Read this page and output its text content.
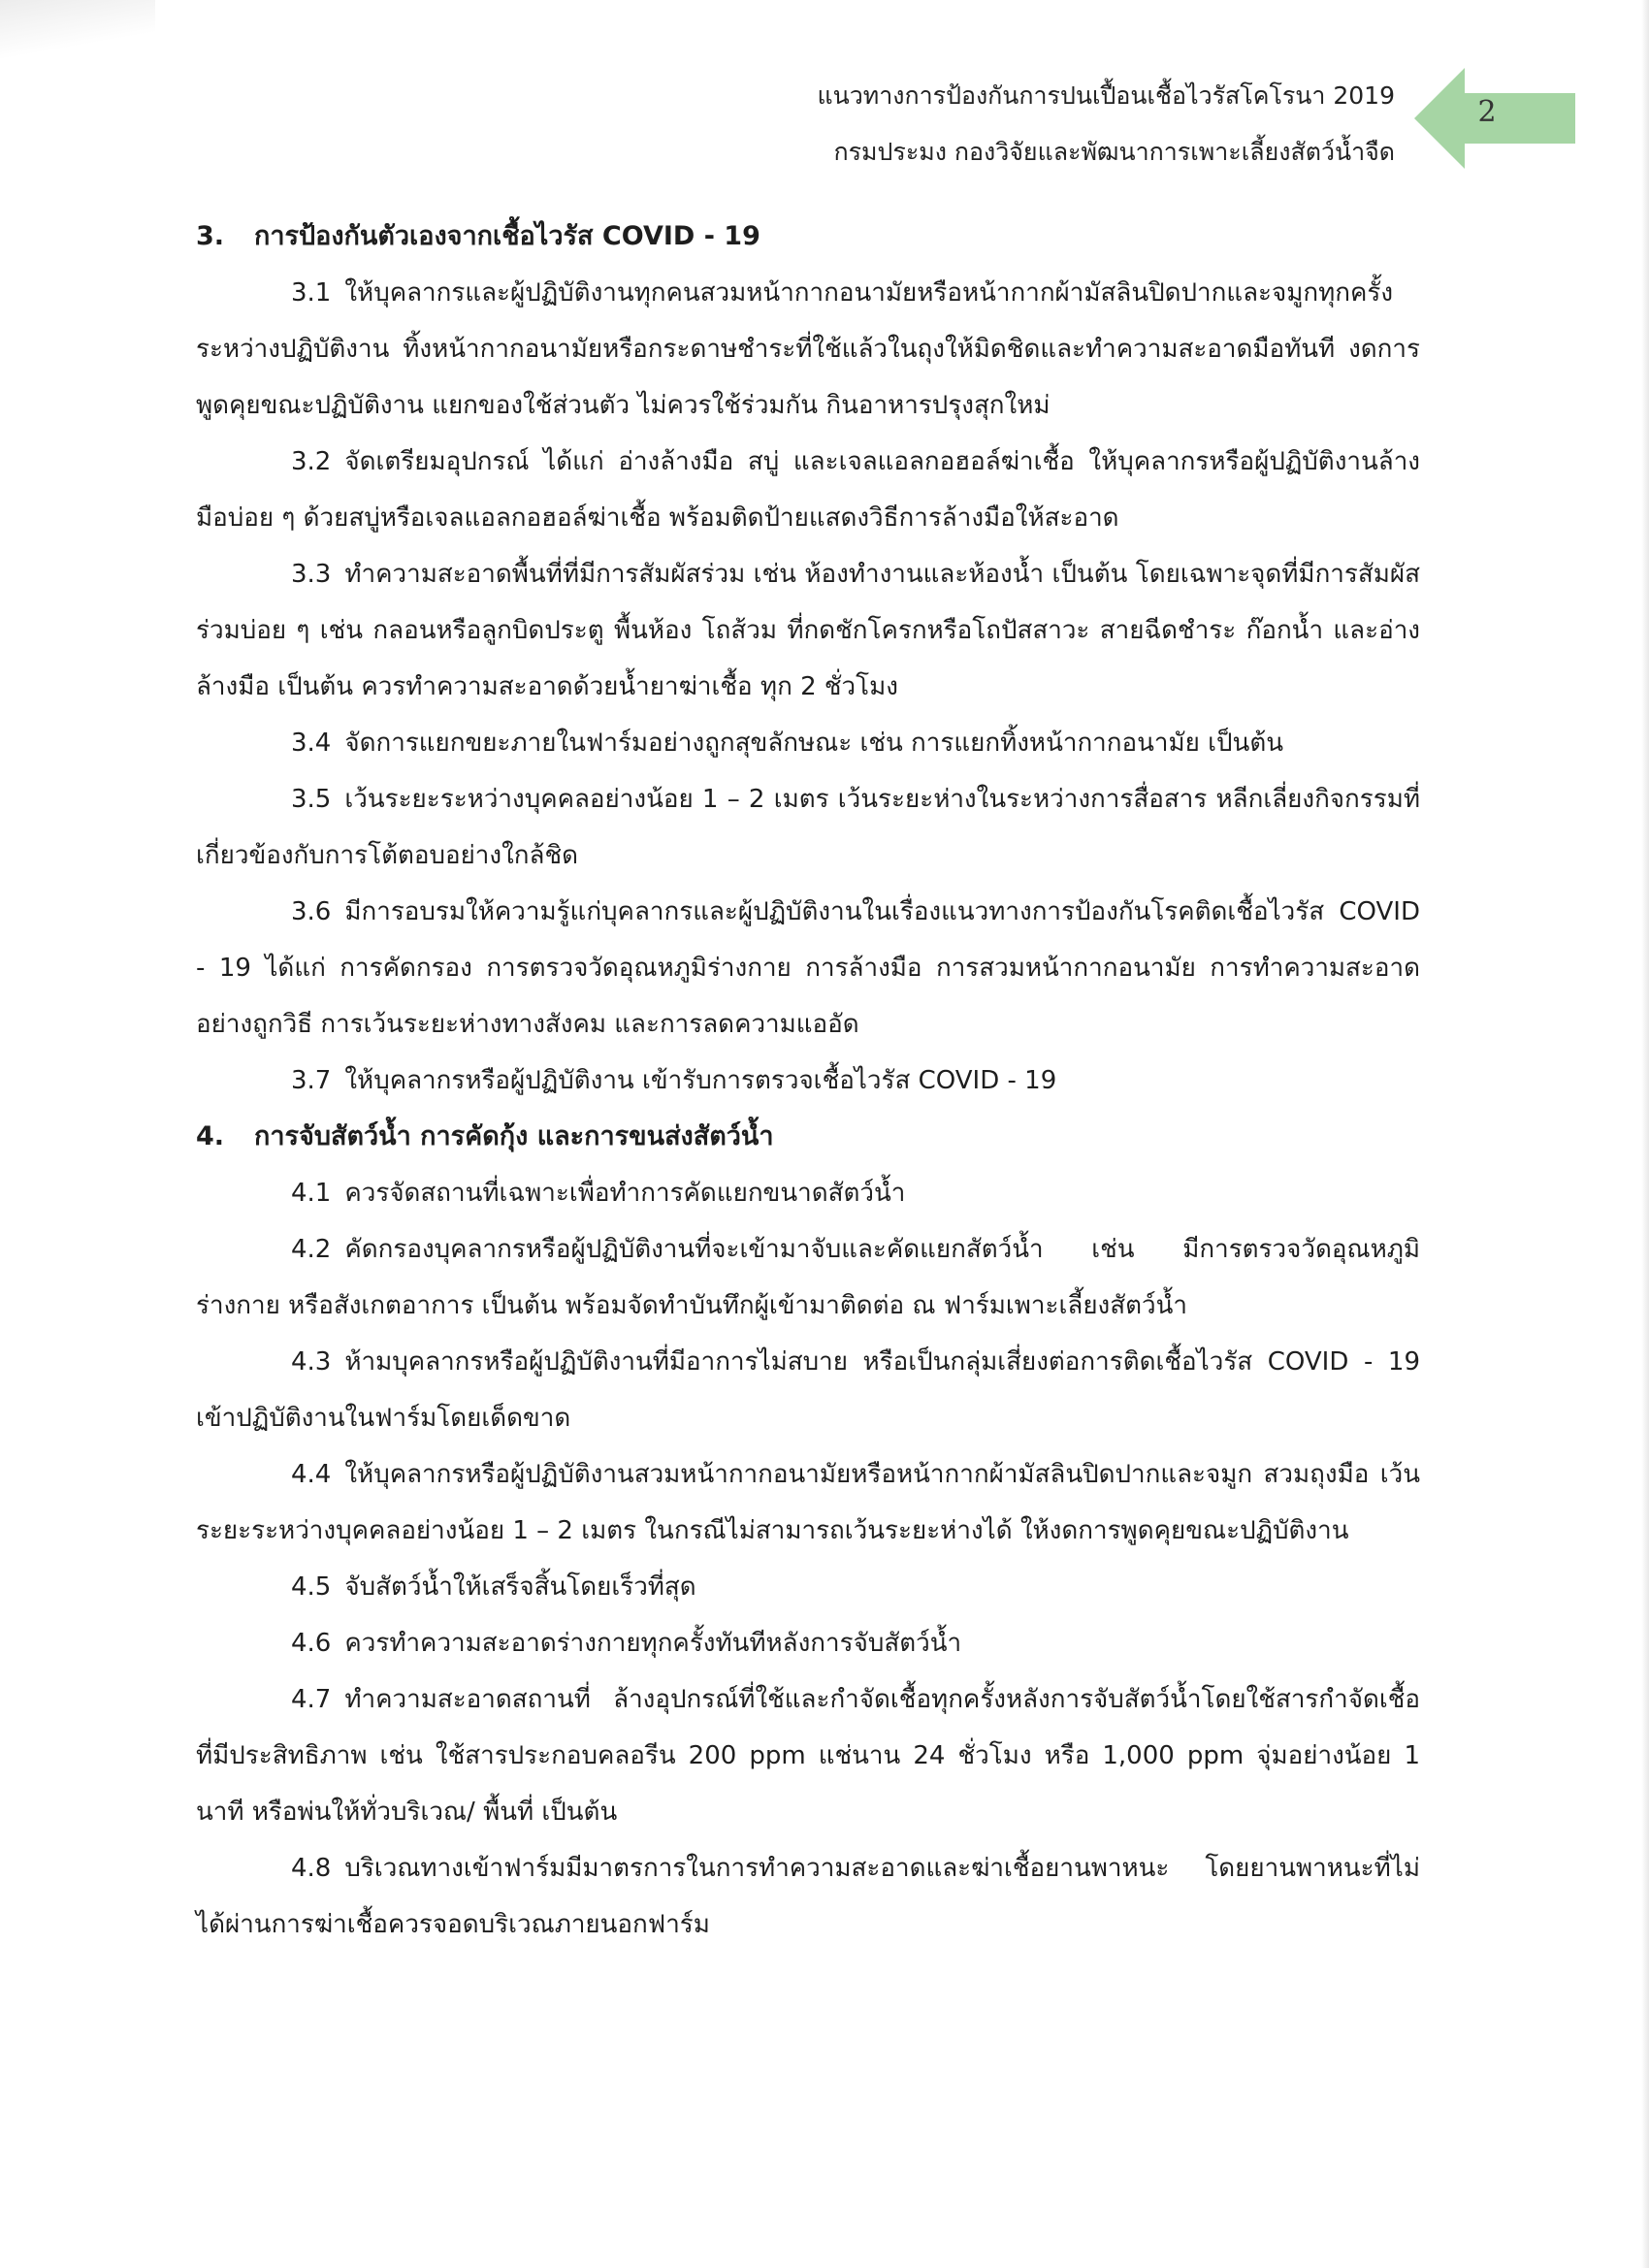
แนวทางการป้องกันการปนเปื้อนเชื้อไวรัสโคโรนา 2019
กรมประมง กองวิจัยและพัฒนาการเพาะเลี้ยงสัตว์น้ำจืด
2
3. การป้องกันตัวเองจากเชื้อไวรัส COVID - 19
3.1 ให้บุคลากรและผู้ปฏิบัติงานทุกคนสวมหน้ากากอนามัยหรือหน้ากากผ้ามัสลินปิดปากและจมูกทุกครั้งระหว่างปฏิบัติงาน ทิ้งหน้ากากอนามัยหรือกระดาษชำระที่ใช้แล้วในถุงให้มิดชิดและทำความสะอาดมือทันที งดการพูดคุยขณะปฏิบัติงาน แยกของใช้ส่วนตัว ไม่ควรใช้ร่วมกัน กินอาหารปรุงสุกใหม่
3.2 จัดเตรียมอุปกรณ์ ได้แก่ อ่างล้างมือ สบู่ และเจลแอลกอฮอล์ฆ่าเชื้อ ให้บุคลากรหรือผู้ปฏิบัติงานล้างมือบ่อย ๆ ด้วยสบู่หรือเจลแอลกอฮอล์ฆ่าเชื้อ พร้อมติดป้ายแสดงวิธีการล้างมือให้สะอาด
3.3 ทำความสะอาดพื้นที่ที่มีการสัมผัสร่วม เช่น ห้องทำงานและห้องน้ำ เป็นต้น โดยเฉพาะจุดที่มีการสัมผัสร่วมบ่อย ๆ เช่น กลอนหรือลูกบิดประตู พื้นห้อง โถส้วม ที่กดชักโครกหรือโถปัสสาวะ สายฉีดชำระ ก๊อกน้ำ และอ่างล้างมือ เป็นต้น ควรทำความสะอาดด้วยน้ำยาฆ่าเชื้อ ทุก 2 ชั่วโมง
3.4 จัดการแยกขยะภายในฟาร์มอย่างถูกสุขลักษณะ เช่น การแยกทิ้งหน้ากากอนามัย เป็นต้น
3.5 เว้นระยะระหว่างบุคคลอย่างน้อย 1 – 2 เมตร เว้นระยะห่างในระหว่างการสื่อสาร หลีกเลี่ยงกิจกรรมที่เกี่ยวข้องกับการโต้ตอบอย่างใกล้ชิด
3.6 มีการอบรมให้ความรู้แก่บุคลากรและผู้ปฏิบัติงานในเรื่องแนวทางการป้องกันโรคติดเชื้อไวรัส COVID - 19 ได้แก่ การคัดกรอง การตรวจวัดอุณหภูมิร่างกาย การล้างมือ การสวมหน้ากากอนามัย การทำความสะอาดอย่างถูกวิธี การเว้นระยะห่างทางสังคม และการลดความแออัด
3.7 ให้บุคลากรหรือผู้ปฏิบัติงาน เข้ารับการตรวจเชื้อไวรัส COVID - 19
4. การจับสัตว์น้ำ การคัดกุ้ง และการขนส่งสัตว์น้ำ
4.1 ควรจัดสถานที่เฉพาะเพื่อทำการคัดแยกขนาดสัตว์น้ำ
4.2 คัดกรองบุคลากรหรือผู้ปฏิบัติงานที่จะเข้ามาจับและคัดแยกสัตว์น้ำ เช่น มีการตรวจวัดอุณหภูมิร่างกาย หรือสังเกตอาการ เป็นต้น พร้อมจัดทำบันทึกผู้เข้ามาติดต่อ ณ ฟาร์มเพาะเลี้ยงสัตว์น้ำ
4.3 ห้ามบุคลากรหรือผู้ปฏิบัติงานที่มีอาการไม่สบาย หรือเป็นกลุ่มเสี่ยงต่อการติดเชื้อไวรัส COVID - 19 เข้าปฏิบัติงานในฟาร์มโดยเด็ดขาด
4.4 ให้บุคลากรหรือผู้ปฏิบัติงานสวมหน้ากากอนามัยหรือหน้ากากผ้ามัสลินปิดปากและจมูก สวมถุงมือ เว้นระยะระหว่างบุคคลอย่างน้อย 1 – 2 เมตร ในกรณีไม่สามารถเว้นระยะห่างได้ ให้งดการพูดคุยขณะปฏิบัติงาน
4.5 จับสัตว์น้ำให้เสร็จสิ้นโดยเร็วที่สุด
4.6 ควรทำความสะอาดร่างกายทุกครั้งทันทีหลังการจับสัตว์น้ำ
4.7 ทำความสะอาดสถานที่ ล้างอุปกรณ์ที่ใช้และกำจัดเชื้อทุกครั้งหลังการจับสัตว์น้ำโดยใช้สารกำจัดเชื้อที่มีประสิทธิภาพ เช่น ใช้สารประกอบคลอรีน 200 ppm แช่นาน 24 ชั่วโมง หรือ 1,000 ppm จุ่มอย่างน้อย 1 นาที หรือพ่นให้ทั่วบริเวณ/ พื้นที่ เป็นต้น
4.8 บริเวณทางเข้าฟาร์มมีมาตรการในการทำความสะอาดและฆ่าเชื้อยานพาหนะ โดยยานพาหนะที่ไม่ได้ผ่านการฆ่าเชื้อควรจอดบริเวณภายนอกฟาร์ม
